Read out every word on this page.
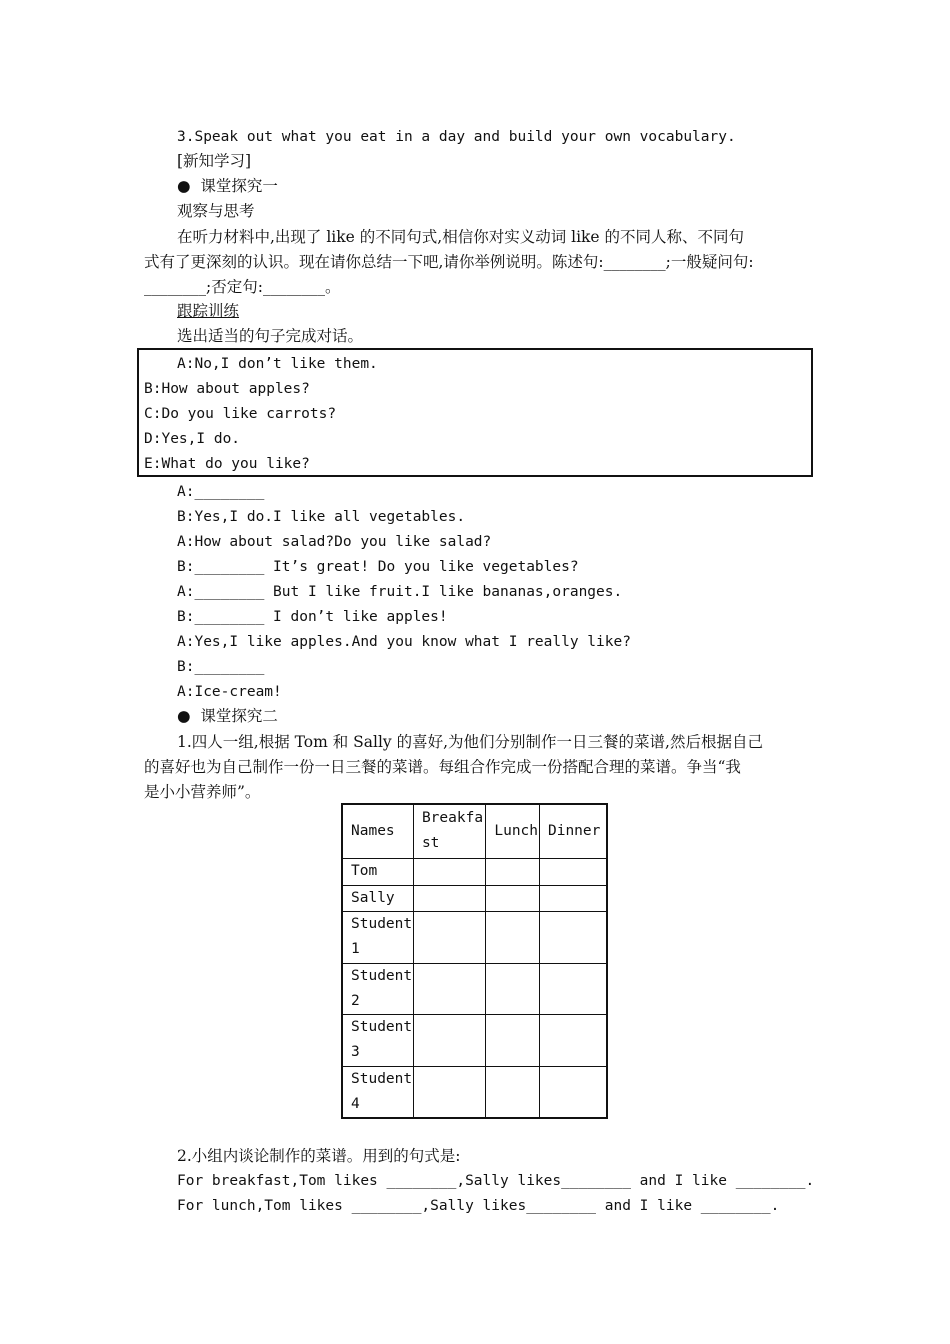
3.Speak out what you eat in a day and build your own vocabulary.
[新知学习]
●  课堂探究一
观察与思考
在听力材料中,出现了 like 的不同句式,相信你对实义动词 like 的不同人称、不同句
式有了更深刻的认识。现在请你总结一下吧,请你举例说明。陈述句:________;一般疑问句:
________;否定句:________。
跟踪训练
选出适当的句子完成对话。
A:No,I don’t like them.
B:How about apples?
C:Do you like carrots?
D:Yes,I do.
E:What do you like?
A:________
B:Yes,I do.I like all vegetables.
A:How about salad?Do you like salad?
B:________ It’s great! Do you like vegetables?
A:________ But I like fruit.I like bananas,oranges.
B:________ I don’t like apples!
A:Yes,I like apples.And you know what I really like?
B:________
A:Ice-cream!
●  课堂探究二
1.四人一组,根据 Tom 和 Sally 的喜好,为他们分别制作一日三餐的菜谱,然后根据自己
的喜好也为自己制作一份一日三餐的菜谱。每组合作完成一份搭配合理的菜谱。争当“我
是小小营养师”。
Names	Breakfast	Lunch	Dinner
Tom			
Sally			
Student 1			
Student 2			
Student 3			
Student 4			
2.小组内谈论制作的菜谱。用到的句式是:
For breakfast,Tom likes ________,Sally likes________ and I like ________.
For lunch,Tom likes ________,Sally likes________ and I like ________.
